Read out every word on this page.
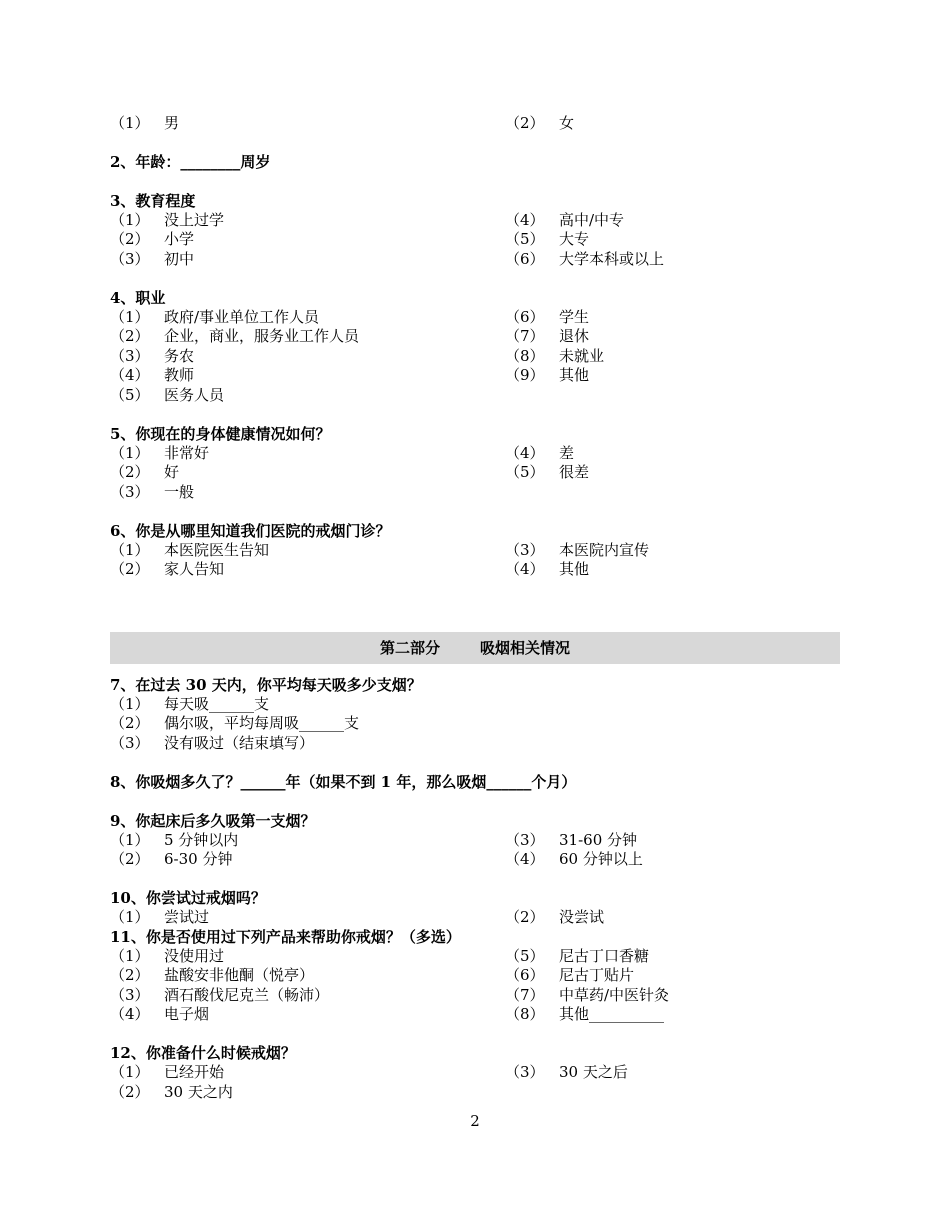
（1） 男	（2） 女
2、年龄：________周岁
3、教育程度
（1） 没上过学	（4） 高中/中专
（2） 小学	（5） 大专
（3） 初中	（6） 大学本科或以上
4、职业
（1） 政府/事业单位工作人员	（6） 学生
（2） 企业，商业，服务业工作人员	（7） 退休
（3） 务农	（8） 未就业
（4） 教师	（9） 其他
（5） 医务人员
5、你现在的身体健康情况如何？
（1） 非常好	（4） 差
（2） 好	（5） 很差
（3） 一般
6、你是从哪里知道我们医院的戒烟门诊？
（1） 本医院医生告知	（3） 本医院内宣传
（2） 家人告知	（4） 其他
第二部分	吸烟相关情况
7、在过去 30 天内，你平均每天吸多少支烟？
（1） 每天吸______支
（2） 偶尔吸，平均每周吸______支
（3） 没有吸过（结束填写）
8、你吸烟多久了？______年（如果不到 1 年，那么吸烟______个月）
9、你起床后多久吸第一支烟？
（1） 5 分钟以内	（3） 31-60 分钟
（2） 6-30 分钟	（4） 60 分钟以上
10、你尝试过戒烟吗？
（1） 尝试过	（2） 没尝试
11、你是否使用过下列产品来帮助你戒烟？（多选）
（1） 没使用过	（5） 尼古丁口香糖
（2） 盐酸安非他酮（悦亭）	（6） 尼古丁贴片
（3） 酒石酸伐尼克兰（畅沛）	（7） 中草药/中医针灸
（4） 电子烟	（8） 其他__________
12、你准备什么时候戒烟？
（1） 已经开始	（3） 30 天之后
（2） 30 天之内
2
